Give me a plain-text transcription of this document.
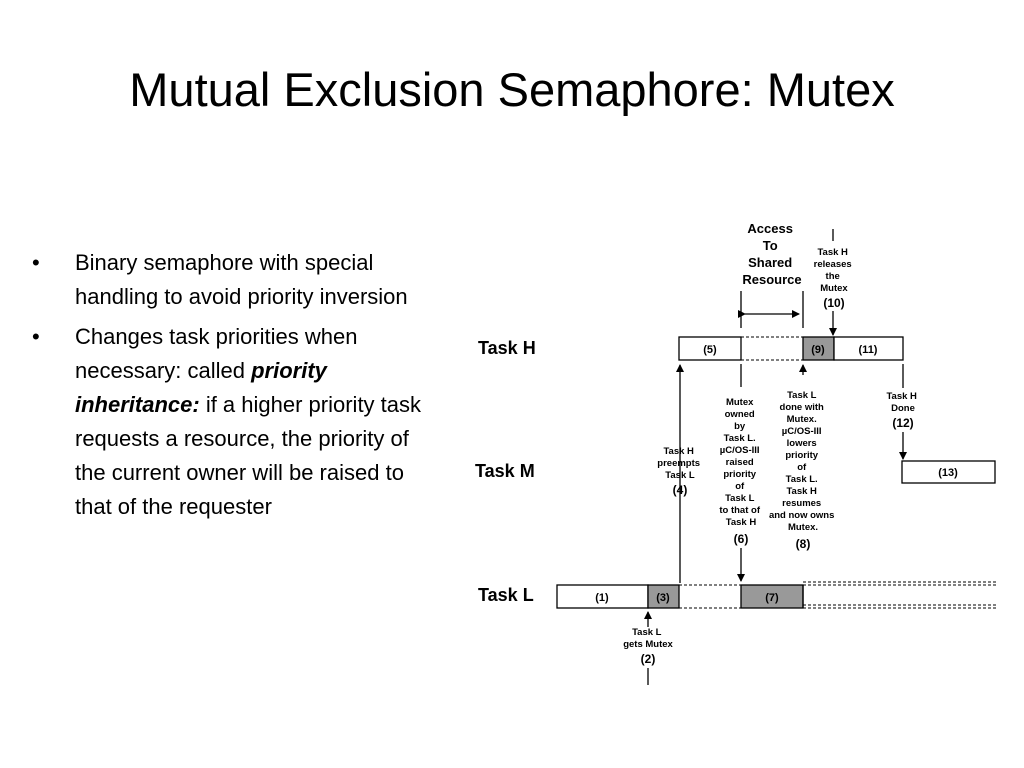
Mutual Exclusion Semaphore: Mutex
• Binary semaphore with special handling to avoid priority inversion
• Changes task priorities when necessary: called priority inheritance: if a higher priority task requests a resource, the priority of the current owner will be raised to that of the requester
Task H
Task M
Task L
(5)	(9)	(11)
(13)
(1)	(3)	(7)
Access To Shared Resource
Task H releases the Mutex
(10)
Task H preempts Task L
(4)
Mutex owned by Task L. µC/OS-III raised priority of Task L to that of Task H
(6)
Task L done with Mutex. µC/OS-III lowers priority of Task L. Task H resumes and now owns Mutex.
(8)
Task H Done
(12)
Task L gets Mutex
(2)
